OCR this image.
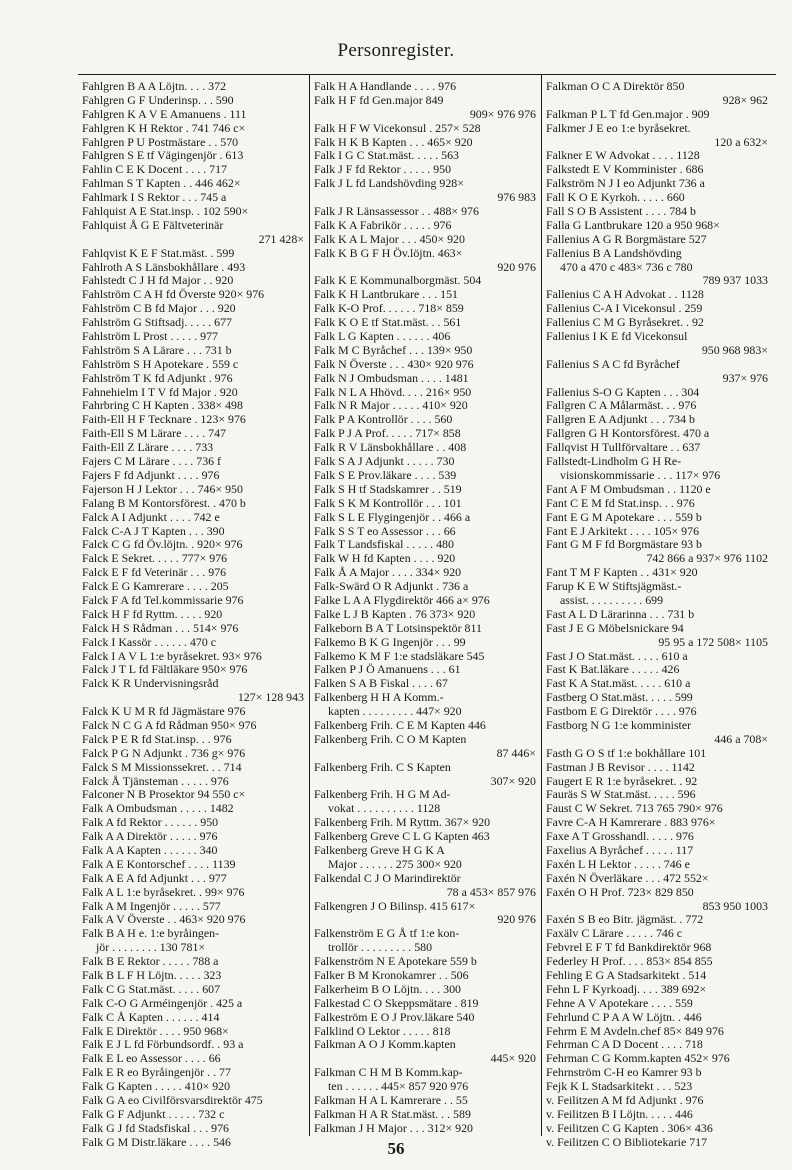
Personregister.
Fahlgren B A A Löjtn. . . . 372
Fahlgren G F Underinsp. . . 590
Fahlgren K A V E Amanuens . 111
Fahlgren K H Rektor . 741 746 c×
Fahlgren P U Postmästare . . 570
Fahlgren S E tf Vägingenjör . 613
Fahlin C E K Docent . . . . 717
Fahlman S T Kapten . . 446 462×
Fahlmark I S Rektor . . . 745 a
Fahlquist A E Stat.insp. . 102 590×
Fahlquist Å G E Fältveterinär
271 428×
Fahlqvist K E F Stat.mäst. . 599
Fahlroth A S Länsbokhållare . 493
Fahlstedt C J H fd Major . . 920
Fahlström C A H fd Överste 920× 976
Fahlström C B fd Major . . . 920
Fahlström G Stiftsadj. . . . . 677
Fahlström L Prost . . . . . 977
Fahlström S A Lärare . . . 731 b
Fahlström S H Apotekare . 559 c
Fahlström T K fd Adjunkt . 976
Fahnehielm I T V fd Major . 920
Fahrbring C H Kapten . 338× 498
Faith-Ell H F Tecknare . 123× 976
Faith-Ell S M Lärare . . . . 747
Faith-Ell Z Lärare . . . . 733
Fajers C M Lärare . . . . 736 f
Fajers F fd Adjunkt . . . . 976
Fajerson H J Lektor . . . 746× 950
Falang B M Kontorsförest. . 470 b
Falck A I Adjunkt . . . . 742 e
Falck C-A J T Kapten . . . 390
Falck C G fd Öv.löjtn. . 920× 976
Falck E Sekret. . . . . 777× 976
Falck E F fd Veterinär . . . 976
Falck E G Kamrerare . . . . 205
Falck F A fd Tel.kommissarie 976
Falck H F fd Ryttm. . . . . 920
Falck H S Rådman . . . 514× 976
Falck I Kassör . . . . . . 470 c
Falck I A V L 1:e byråsekret. 93× 976
Falck J T L fd Fältläkare 950× 976
Falck K R Undervisningsråd
127× 128 943
Falck K U M R fd Jägmästare 976
Falck N C G A fd Rådman 950× 976
Falck P E R fd Stat.insp. . . 976
Falck P G N Adjunkt . 736 g× 976
Falck S M Missionssekret. . . 714
Falck Å Tjänsteman . . . . . 976
Falconer N B Prosektor 94 550 c×
Falk A Ombudsman . . . . . 1482
Falk A fd Rektor . . . . . . 950
Falk A A Direktör . . . . . 976
Falk A A Kapten . . . . . . 340
Falk A E Kontorschef . . . . 1139
Falk A E A fd Adjunkt . . . 977
Falk A L 1:e byråsekret. . 99× 976
Falk A M Ingenjör . . . . . 577
Falk A V Överste . . 463× 920 976
Falk B A H e. 1:e byråingen-
jör . . . . . . . . 130 781×
Falk B E Rektor . . . . . 788 a
Falk B L F H Löjtn. . . . . 323
Falk C G Stat.mäst. . . . . 607
Falk C-O G Arméingenjör . 425 a
Falk C Å Kapten . . . . . . 414
Falk E Direktör . . . . 950 968×
Falk E J L fd Förbundsordf. . 93 a
Falk E L eo Assessor . . . . 66
Falk E R eo Byråingenjör . . 77
Falk G Kapten . . . . . 410× 920
Falk G A eo Civilförsvarsdirektör 475
Falk G F Adjunkt . . . . . 732 c
Falk G J fd Stadsfiskal . . . 976
Falk G M Distr.läkare . . . . 546
Falk H A Handlande . . . . 976
Falk H F fd Gen.major 849
909× 976 976
Falk H F W Vicekonsul . 257× 528
Falk H K B Kapten . . . 465× 920
Falk I G C Stat.mäst. . . . . 563
Falk J F fd Rektor . . . . . 950
Falk J L fd Landshövding 928×
976 983
Falk J R Länsassessor . . 488× 976
Falk K A Fabrikör . . . . . 976
Falk K A L Major . . . 450× 920
Falk K B G F H Öv.löjtn. 463×
920 976
Falk K E Kommunalborgmäst. 504
Falk K H Lantbrukare . . . 151
Falk K-O Prof. . . . . . 718× 859
Falk K O E tf Stat.mäst. . . 561
Falk L G Kapten . . . . . . 406
Falk M C Byråchef . . . 139× 950
Falk N Överste . . . 430× 920 976
Falk N J Ombudsman . . . . 1481
Falk N L A Hhövd. . . . 216× 950
Falk N R Major . . . . . 410× 920
Falk P A Kontrollör . . . . 560
Falk P J A Prof. . . . . 717× 858
Falk R V Länsbokhållare . . 408
Falk S A J Adjunkt . . . . . 730
Falk S E Prov.läkare . . . . 539
Falk S H tf Stadskamrer . . 519
Falk S K M Kontrollör . . . 101
Falk S L E Flygingenjör . . 466 a
Falk S S T eo Assessor . . . 66
Falk T Landsfiskal . . . . . 480
Falk W H fd Kapten . . . . 920
Falk Å A Major . . . . 334× 920
Falk-Swärd O R Adjunkt . 736 a
Falke L A A Flygdirektör 466 a× 976
Falke L J B Kapten . 76 373× 920
Falkeborn B A T Lotsinspektör 811
Falkemo B K G Ingenjör . . . 99
Falkemo K M F 1:e stadsläkare 545
Falken P J Ö Amanuens . . . 61
Falken S A B Fiskal . . . . 67
Falkenberg H H A Komm.-
kapten . . . . . . . . . 447× 920
Falkenberg Frih. C E M Kapten 446
Falkenberg Frih. C O M Kapten
87 446×
Falkenberg Frih. C S Kapten
307× 920
Falkenberg Frih. H G M Ad-
vokat . . . . . . . . . . 1128
Falkenberg Frih. M Ryttm. 367× 920
Falkenberg Greve C L G Kapten 463
Falkenberg Greve H G K A
Major . . . . . . 275 300× 920
Falkendal C J O Marindirektör
78 a 453× 857 976
Falkengren J O Bilinsp. 415 617×
920 976
Falkenström E G Å tf 1:e kon-
trollör . . . . . . . . . 580
Falkenström N E Apotekare 559 b
Falker B M Kronokamrer . . 506
Falkerheim B O Löjtn. . . . 300
Falkestad C O Skeppsmätare . 819
Falkeström E O J Prov.läkare 540
Falklind O Lektor . . . . . 818
Falkman A O J Komm.kapten
445× 920
Falkman C H M B Komm.kap-
ten . . . . . . 445× 857 920 976
Falkman H A L Kamrerare . . 55
Falkman H A R Stat.mäst. . . 589
Falkman J H Major . . . 312× 920
Falkman O C A Direktör 850
928× 962
Falkman P L T fd Gen.major . 909
Falkmer J E eo 1:e byråsekret.
120 a 632×
Falkner E W Advokat . . . . 1128
Falkstedt E V Komminister . 686
Falkström N J I eo Adjunkt 736 a
Fall K O E Kyrkoh. . . . . 660
Fall S O B Assistent . . . . 784 b
Falla G Lantbrukare 120 a 950 968×
Fallenius A G R Borgmästare 527
Fallenius B A Landshövding
470 a 470 c 483× 736 c 780
789 937 1033
Fallenius C A H Advokat . . 1128
Fallenius C-A I Vicekonsul . 259
Fallenius C M G Byråsekret. . 92
Fallenius I K E fd Vicekonsul
950 968 983×
Fallenius S A C fd Byråchef
937× 976
Fallenius S-O G Kapten . . . 304
Fallgren C A Målarmäst. . . 976
Fallgren E A Adjunkt . . . 734 b
Fallgren G H Kontorsförest. 470 a
Fallqvist H Tullförvaltare . . 637
Fallstedt-Lindholm G H Re-
visionskommissarie . . . 117× 976
Fant A F M Ombudsman . . 1120 e
Fant C E M fd Stat.insp. . . 976
Fant E G M Apotekare . . . 559 b
Fant E J Arkitekt . . . . 105× 976
Fant G M F fd Borgmästare 93 b
742 866 a 937× 976 1102
Fant T M F Kapten . . 431× 920
Farup K E W Stiftsjägmäst.-
assist. . . . . . . . . . 699
Fast A L D Lärarinna . . . 731 b
Fast J E G Möbelsnickare 94
95 95 a 172 508× 1105
Fast J O Stat.mäst. . . . . 610 a
Fast K Bat.läkare . . . . . 426
Fast K A Stat.mäst. . . . . 610 a
Fastberg O Stat.mäst. . . . . 599
Fastbom E G Direktör . . . . 976
Fastborg N G 1:e komminister
446 a 708×
Fasth G O S tf 1:e bokhållare 101
Fastman J B Revisor . . . . 1142
Faugert E R 1:e byråsekret. . 92
Fauräs S W Stat.mäst. . . . . 596
Faust C W Sekret. 713 765 790× 976
Favre C-A H Kamrerare . 883 976×
Faxe A T Grosshandl. . . . . 976
Faxelius A Byråchef . . . . . 117
Faxén L H Lektor . . . . . 746 e
Faxén N Överläkare . . . 472 552×
Faxén O H Prof. 723× 829 850
853 950 1003
Faxén S B eo Bitr. jägmäst. . 772
Faxälv C Lärare . . . . . 746 c
Febvrel E F T fd Bankdirektör 968
Federley H Prof. . . . 853× 854 855
Fehling E G A Stadsarkitekt . 514
Fehn L F Kyrkoadj. . . . 389 692×
Fehne A V Apotekare . . . . 559
Fehrlund C P A A W Löjtn. . 446
Fehrm E M Avdeln.chef 85× 849 976
Fehrman C A D Docent . . . . 718
Fehrman C G Komm.kapten 452× 976
Fehrnström C-H eo Kamrer 93 b
Fejk K L Stadsarkitekt . . . 523
v. Feilitzen A M fd Adjunkt . 976
v. Feilitzen B I Löjtn. . . . . 446
v. Feilitzen C G Kapten . 306× 436
v. Feilitzen C O Bibliotekarie 717
56
